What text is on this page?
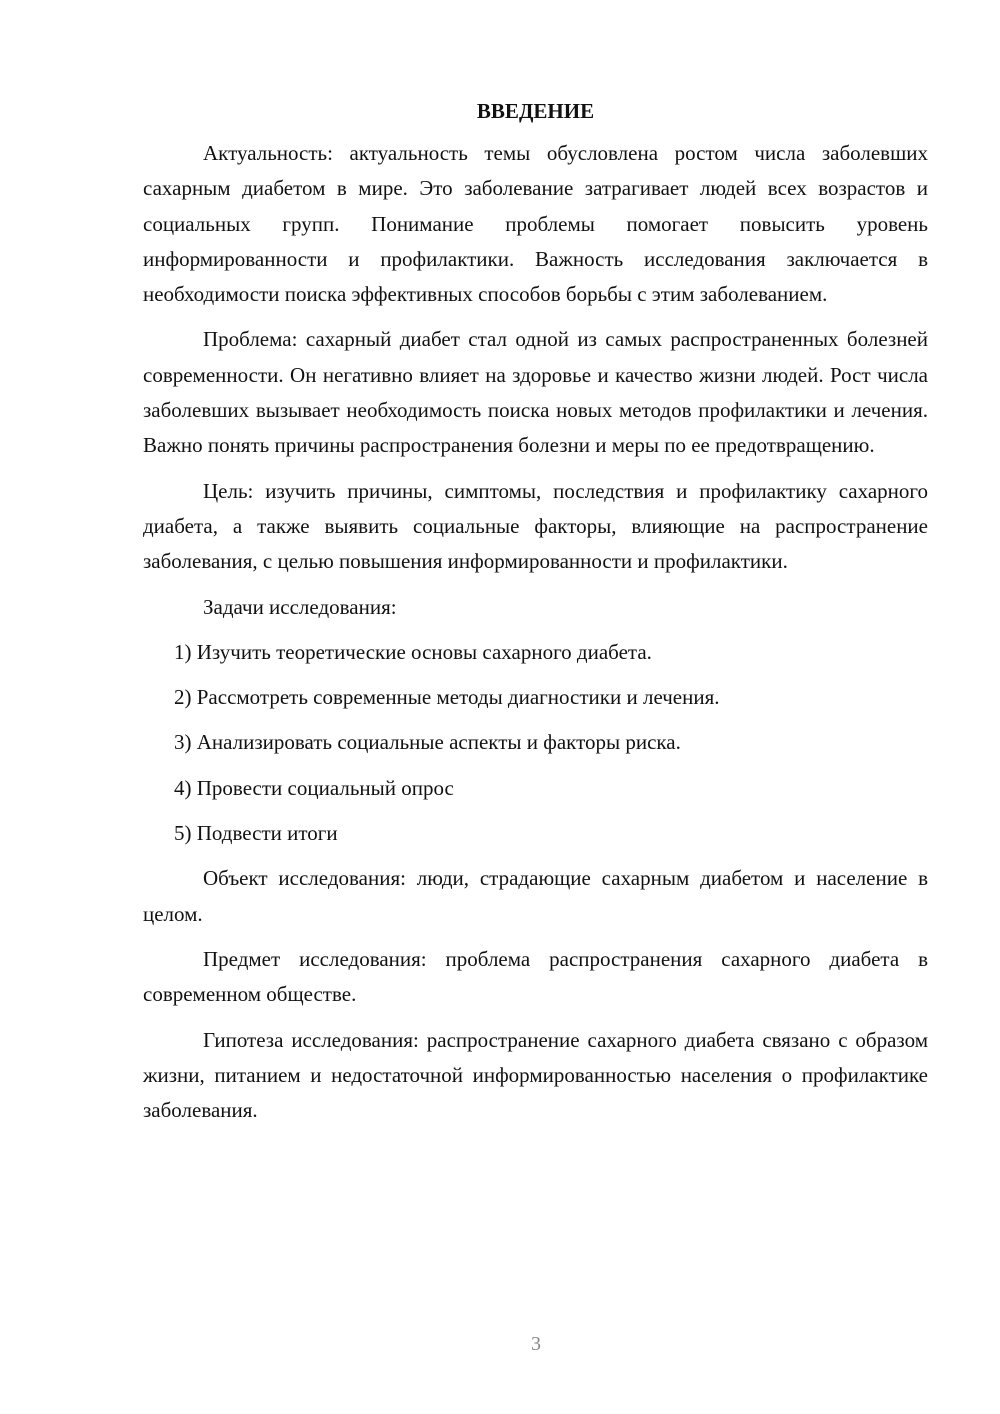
ВВЕДЕНИЕ

Актуальность: актуальность темы обусловлена ростом числа заболевших сахарным диабетом в мире. Это заболевание затрагивает людей всех возрастов и социальных групп. Понимание проблемы помогает повысить уровень информированности и профилактики. Важность исследования заключается в необходимости поиска эффективных способов борьбы с этим заболеванием.

Проблема: сахарный диабет стал одной из самых распространенных болезней современности. Он негативно влияет на здоровье и качество жизни людей. Рост числа заболевших вызывает необходимость поиска новых методов профилактики и лечения. Важно понять причины распространения болезни и меры по ее предотвращению.

Цель: изучить причины, симптомы, последствия и профилактику сахарного диабета, а также выявить социальные факторы, влияющие на распространение заболевания, с целью повышения информированности и профилактики.

Задачи исследования:

1) Изучить теоретические основы сахарного диабета.

2) Рассмотреть современные методы диагностики и лечения.

3) Анализировать социальные аспекты и факторы риска.

4) Провести социальный опрос

5) Подвести итоги

Объект исследования: люди, страдающие сахарным диабетом и население в целом.

Предмет исследования: проблема распространения сахарного диабета в современном обществе.

Гипотеза исследования: распространение сахарного диабета связано с образом жизни, питанием и недостаточной информированностью населения о профилактике заболевания.

3
